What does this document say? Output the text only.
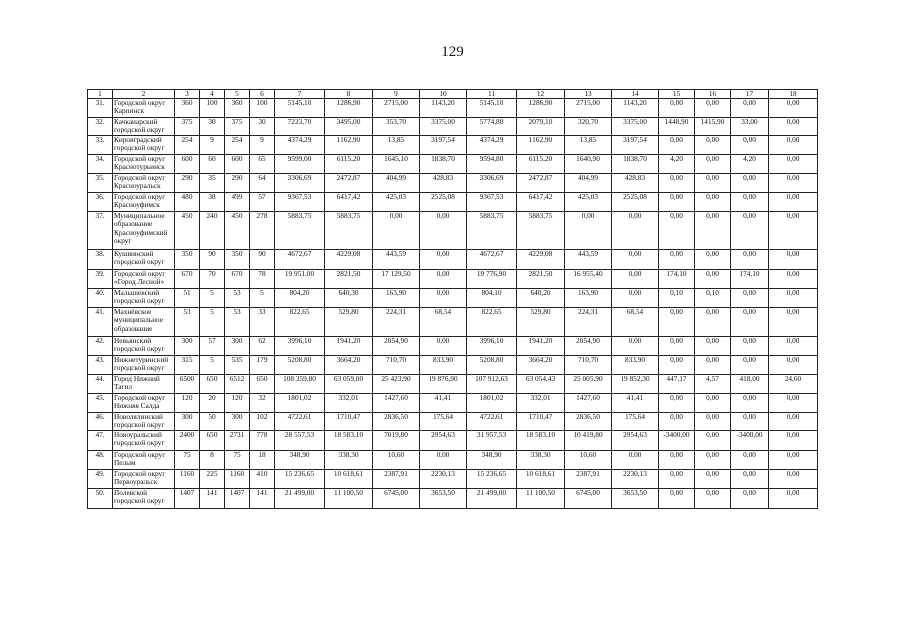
129
1	2	3	4	5	6	7	8	9	10	11	12	13	14	15	16	17	18
31.	Городской округ Карпинск	360	100	360	100	5145,10	1286,90	2715,00	1143,20	5145,10	1286,90	2715,00	1143,20	0,00	0,00	0,00	0,00
32.	Качканарский городской округ	375	30	375	30	7223,70	3495,00	353,70	3375,00	5774,80	2079,10	320,70	3375,00	1448,90	1415,90	33,00	0,00
33.	Кировградский городской округ	254	9	254	9	4374,29	1162,90	13,85	3197,54	4374,29	1162,90	13,85	3197,54	0,00	0,00	0,00	0,00
34.	Городской округ Краснотурьинск	600	60	600	65	9599,00	6115,20	1645,10	1838,70	9594,80	6115,20	1640,90	1838,70	4,20	0,00	4,20	0,00
35.	Городской округ Красноуральск	290	35	290	64	3306,69	2472,87	404,99	428,83	3306,69	2472,87	404,99	428,83	0,00	0,00	0,00	0,00
36.	Городской округ Красноуфимск	480	38	499	57	9367,53	6417,42	425,03	2525,08	9367,53	6417,42	425,03	2525,08	0,00	0,00	0,00	0,00
37.	Муниципальное образование Красноуфимский округ	450	240	450	278	5883,75	5883,75	0,00	0,00	5883,75	5883,75	0,00	0,00	0,00	0,00	0,00	0,00
38.	Кушвинский городской округ	350	90	350	90	4672,67	4229,08	443,59	0,00	4672,67	4229,08	443,59	0,00	0,00	0,00	0,00	0,00
39.	Городской округ «Город Лесной»	670	70	670	78	19 951,00	2821,50	17 129,50	0,00	19 776,90	2821,50	16 955,40	0,00	174,10	0,00	174,10	0,00
40.	Малышевский городской округ	51	5	53	5	804,20	640,30	163,90	0,00	804,10	640,20	163,90	0,00	0,10	0,10	0,00	0,00
41.	Махнёвское муниципальное образование	53	5	53	33	822,65	529,80	224,31	68,54	822,65	529,80	224,31	68,54	0,00	0,00	0,00	0,00
42.	Невьянский городской округ	300	57	300	62	3996,10	1941,20	2054,90	0,00	3996,10	1941,20	2054,90	0,00	0,00	0,00	0,00	0,00
43.	Нижнетуринский городской округ	315	5	535	179	5208,80	3664,20	710,70	833,90	5208,80	3664,20	710,70	833,90	0,00	0,00	0,00	0,00
44.	Город Нижний Тагил	6500	650	6512	650	108 359,80	63 059,00	25 423,90	19 876,90	107 912,63	63 054,43	25 005,90	19 852,30	447,17	4,57	418,00	24,60
45.	Городской округ Нижняя Салда	120	20	120	32	1801,02	332,01	1427,60	41,41	1801,02	332,01	1427,60	41,41	0,00	0,00	0,00	0,00
46.	Новолялинский городской округ	300	50	300	102	4722,61	1710,47	2836,50	175,64	4722,61	1710,47	2836,50	175,64	0,00	0,00	0,00	0,00
47.	Новоуральский городской округ	2400	650	2731	778	28 557,53	18 583,10	7019,80	2954,63	31 957,53	18 583,10	10 419,80	2954,63	-3400,00	0,00	-3400,00	0,00
48.	Городской округ Пелым	75	8	75	18	348,90	338,30	10,60	0,00	348,90	338,30	10,60	0,00	0,00	0,00	0,00	0,00
49.	Городской округ Первоуральск	1160	225	1160	410	15 236,65	10 618,61	2387,91	2230,13	15 236,65	10 618,61	2387,91	2230,13	0,00	0,00	0,00	0,00
50.	Полевской городской округ	1407	141	1407	141	21 499,00	11 100,50	6745,00	3653,50	21 499,00	11 100,50	6745,00	3653,50	0,00	0,00	0,00	0,00
